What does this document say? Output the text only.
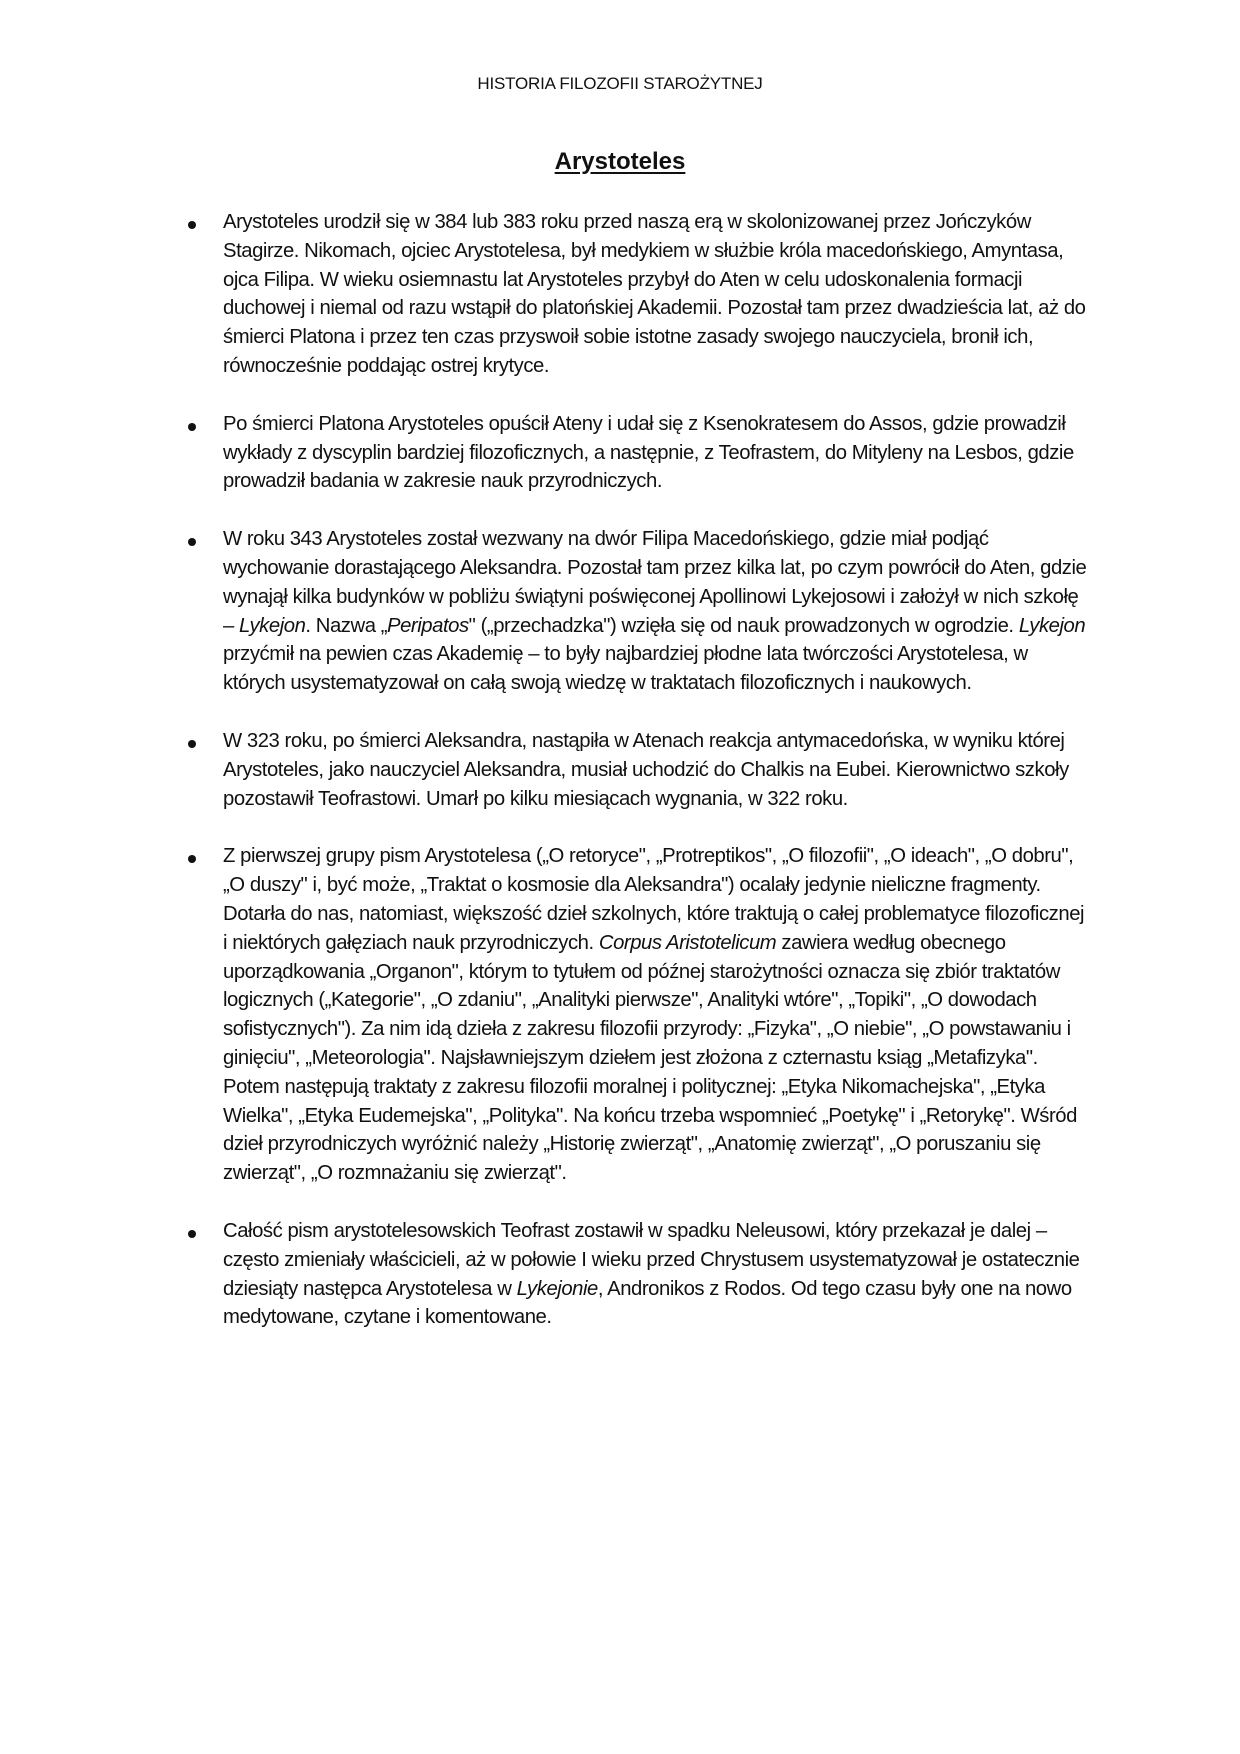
HISTORIA FILOZOFII STAROŻYTNEJ
Arystoteles
Arystoteles urodził się w 384 lub 383 roku przed naszą erą w skolonizowanej przez Jończyków Stagirze. Nikomach, ojciec Arystotelesa, był medykiem w służbie króla macedońskiego, Amyntasa, ojca Filipa. W wieku osiemnastu lat Arystoteles przybył do Aten w celu udoskonalenia formacji duchowej i niemal od razu wstąpił do platońskiej Akademii. Pozostał tam przez dwadzieścia lat, aż do śmierci Platona i przez ten czas przyswoił sobie istotne zasady swojego nauczyciela, bronił ich, równocześnie poddając ostrej krytyce.
Po śmierci Platona Arystoteles opuścił Ateny i udał się z Ksenokratesem do Assos, gdzie prowadził wykłady z dyscyplin bardziej filozoficznych, a następnie, z Teofrastem, do Mityleny na Lesbos, gdzie prowadził badania w zakresie nauk przyrodniczych.
W roku 343 Arystoteles został wezwany na dwór Filipa Macedońskiego, gdzie miał podjąć wychowanie dorastającego Aleksandra. Pozostał tam przez kilka lat, po czym powrócił do Aten, gdzie wynajął kilka budynków w pobliżu świątyni poświęconej Apollinowi Lykejosowi i założył w nich szkołę – Lykejon. Nazwa „Peripatos" („przechadzka") wzięła się od nauk prowadzonych w ogrodzie. Lykejon przyćmił na pewien czas Akademię – to były najbardziej płodne lata twórczości Arystotelesa, w których usystematyzował on całą swoją wiedzę w traktatach filozoficznych i naukowych.
W 323 roku, po śmierci Aleksandra, nastąpiła w Atenach reakcja antymacedońska, w wyniku której Arystoteles, jako nauczyciel Aleksandra, musiał uchodzić do Chalkis na Eubei. Kierownictwo szkoły pozostawił Teofrastowi. Umarł po kilku miesiącach wygnania, w 322 roku.
Z pierwszej grupy pism Arystotelesa („O retoryce", „Protreptikos", „O filozofii", „O ideach", „O dobru", „O duszy" i, być może, „Traktat o kosmosie dla Aleksandra") ocalały jedynie nieliczne fragmenty. Dotarła do nas, natomiast, większość dzieł szkolnych, które traktują o całej problematyce filozoficznej i niektórych gałęziach nauk przyrodniczych. Corpus Aristotelicum zawiera według obecnego uporządkowania „Organon", którym to tytułem od późnej starożytności oznacza się zbiór traktatów logicznych („Kategorie", „O zdaniu", „Analityki pierwsze", Analityki wtóre", „Topiki", „O dowodach sofistycznych"). Za nim idą dzieła z zakresu filozofii przyrody: „Fizyka", „O niebie", „O powstawaniu i ginięciu", „Meteorologia". Najsławniejszym dziełem jest złożona z czternastu ksiąg „Metafizyka". Potem następują traktaty z zakresu filozofii moralnej i politycznej: „Etyka Nikomachejska", „Etyka Wielka", „Etyka Eudemejska", „Polityka". Na końcu trzeba wspomnieć „Poetykę" i „Retorykę". Wśród dzieł przyrodniczych wyróżnić należy „Historię zwierząt", „Anatomię zwierząt", „O poruszaniu się zwierząt", „O rozmnażaniu się zwierząt".
Całość pism arystotelesowskich Teofrast zostawił w spadku Neleusowi, który przekazał je dalej – często zmieniały właścicieli, aż w połowie I wieku przed Chrystusem usystematyzował je ostatecznie dziesiąty następca Arystotelesa w Lykejonie, Andronikos z Rodos. Od tego czasu były one na nowo medytowane, czytane i komentowane.
